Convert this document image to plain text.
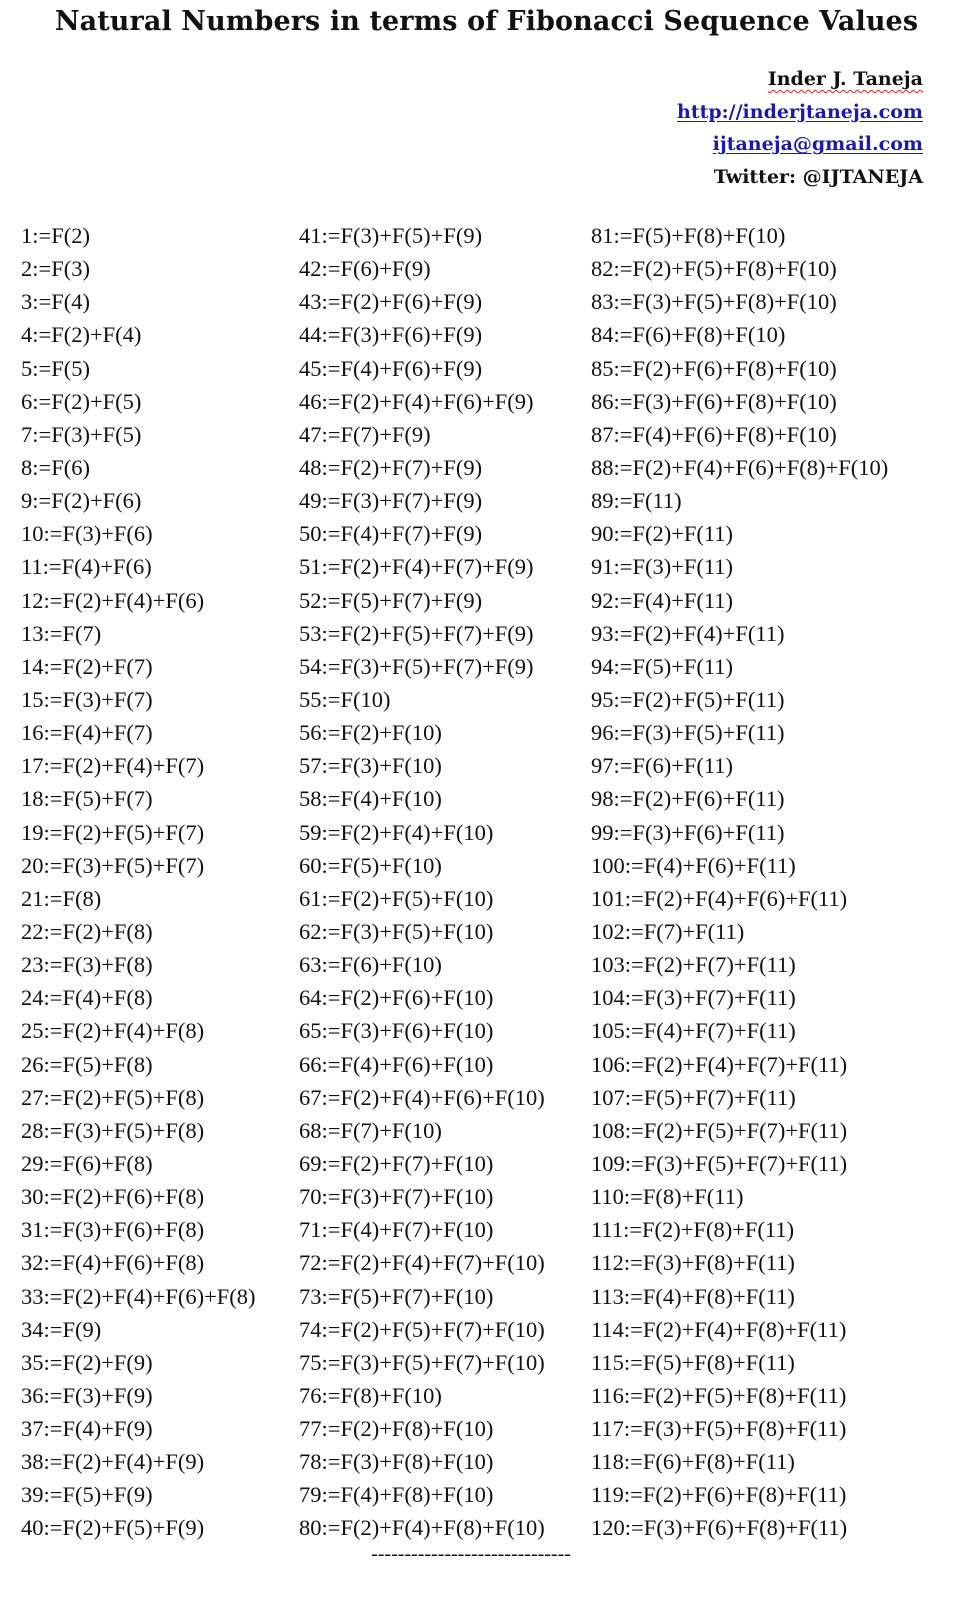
Natural Numbers in terms of Fibonacci Sequence Values
Inder J. Taneja
http://inderjtaneja.com
ijtaneja@gmail.com
Twitter: @IJTANEJA
1:=F(2)
2:=F(3)
3:=F(4)
4:=F(2)+F(4)
5:=F(5)
6:=F(2)+F(5)
7:=F(3)+F(5)
8:=F(6)
9:=F(2)+F(6)
10:=F(3)+F(6)
11:=F(4)+F(6)
12:=F(2)+F(4)+F(6)
13:=F(7)
14:=F(2)+F(7)
15:=F(3)+F(7)
16:=F(4)+F(7)
17:=F(2)+F(4)+F(7)
18:=F(5)+F(7)
19:=F(2)+F(5)+F(7)
20:=F(3)+F(5)+F(7)
21:=F(8)
22:=F(2)+F(8)
23:=F(3)+F(8)
24:=F(4)+F(8)
25:=F(2)+F(4)+F(8)
26:=F(5)+F(8)
27:=F(2)+F(5)+F(8)
28:=F(3)+F(5)+F(8)
29:=F(6)+F(8)
30:=F(2)+F(6)+F(8)
31:=F(3)+F(6)+F(8)
32:=F(4)+F(6)+F(8)
33:=F(2)+F(4)+F(6)+F(8)
34:=F(9)
35:=F(2)+F(9)
36:=F(3)+F(9)
37:=F(4)+F(9)
38:=F(2)+F(4)+F(9)
39:=F(5)+F(9)
40:=F(2)+F(5)+F(9)
41:=F(3)+F(5)+F(9)
42:=F(6)+F(9)
43:=F(2)+F(6)+F(9)
44:=F(3)+F(6)+F(9)
45:=F(4)+F(6)+F(9)
46:=F(2)+F(4)+F(6)+F(9)
47:=F(7)+F(9)
48:=F(2)+F(7)+F(9)
49:=F(3)+F(7)+F(9)
50:=F(4)+F(7)+F(9)
51:=F(2)+F(4)+F(7)+F(9)
52:=F(5)+F(7)+F(9)
53:=F(2)+F(5)+F(7)+F(9)
54:=F(3)+F(5)+F(7)+F(9)
55:=F(10)
56:=F(2)+F(10)
57:=F(3)+F(10)
58:=F(4)+F(10)
59:=F(2)+F(4)+F(10)
60:=F(5)+F(10)
61:=F(2)+F(5)+F(10)
62:=F(3)+F(5)+F(10)
63:=F(6)+F(10)
64:=F(2)+F(6)+F(10)
65:=F(3)+F(6)+F(10)
66:=F(4)+F(6)+F(10)
67:=F(2)+F(4)+F(6)+F(10)
68:=F(7)+F(10)
69:=F(2)+F(7)+F(10)
70:=F(3)+F(7)+F(10)
71:=F(4)+F(7)+F(10)
72:=F(2)+F(4)+F(7)+F(10)
73:=F(5)+F(7)+F(10)
74:=F(2)+F(5)+F(7)+F(10)
75:=F(3)+F(5)+F(7)+F(10)
76:=F(8)+F(10)
77:=F(2)+F(8)+F(10)
78:=F(3)+F(8)+F(10)
79:=F(4)+F(8)+F(10)
80:=F(2)+F(4)+F(8)+F(10)
81:=F(5)+F(8)+F(10)
82:=F(2)+F(5)+F(8)+F(10)
83:=F(3)+F(5)+F(8)+F(10)
84:=F(6)+F(8)+F(10)
85:=F(2)+F(6)+F(8)+F(10)
86:=F(3)+F(6)+F(8)+F(10)
87:=F(4)+F(6)+F(8)+F(10)
88:=F(2)+F(4)+F(6)+F(8)+F(10)
89:=F(11)
90:=F(2)+F(11)
91:=F(3)+F(11)
92:=F(4)+F(11)
93:=F(2)+F(4)+F(11)
94:=F(5)+F(11)
95:=F(2)+F(5)+F(11)
96:=F(3)+F(5)+F(11)
97:=F(6)+F(11)
98:=F(2)+F(6)+F(11)
99:=F(3)+F(6)+F(11)
100:=F(4)+F(6)+F(11)
101:=F(2)+F(4)+F(6)+F(11)
102:=F(7)+F(11)
103:=F(2)+F(7)+F(11)
104:=F(3)+F(7)+F(11)
105:=F(4)+F(7)+F(11)
106:=F(2)+F(4)+F(7)+F(11)
107:=F(5)+F(7)+F(11)
108:=F(2)+F(5)+F(7)+F(11)
109:=F(3)+F(5)+F(7)+F(11)
110:=F(8)+F(11)
111:=F(2)+F(8)+F(11)
112:=F(3)+F(8)+F(11)
113:=F(4)+F(8)+F(11)
114:=F(2)+F(4)+F(8)+F(11)
115:=F(5)+F(8)+F(11)
116:=F(2)+F(5)+F(8)+F(11)
117:=F(3)+F(5)+F(8)+F(11)
118:=F(6)+F(8)+F(11)
119:=F(2)+F(6)+F(8)+F(11)
120:=F(3)+F(6)+F(8)+F(11)
------------------------------
